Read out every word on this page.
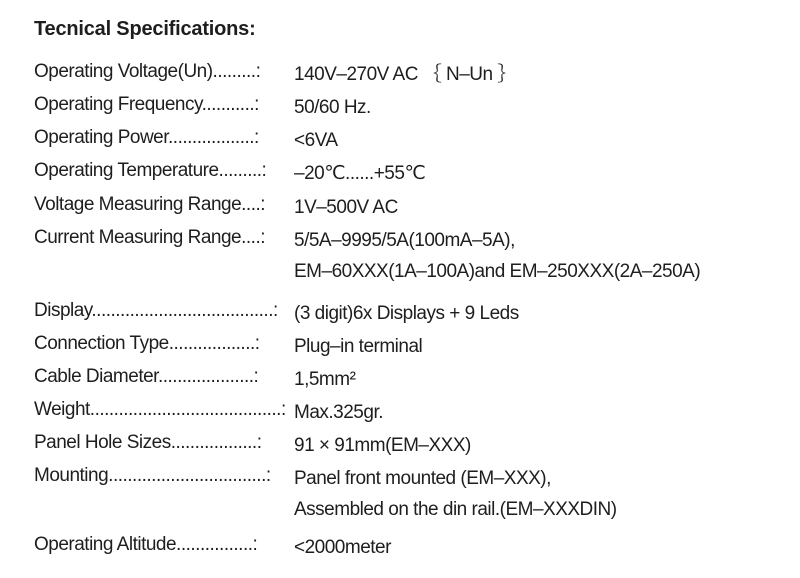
Tecnical Specifications:
Operating Voltage(Un).........: 140V–270V AC ｛ N–Un ｝
Operating Frequency...........: 50/60 Hz.
Operating Power..................: <6VA
Operating Temperature.........: –20℃......+55℃
Voltage Measuring Range....: 1V–500V AC
Current Measuring Range....: 5/5A–9995/5A(100mA–5A),
EM–60XXX(1A–100A)and EM–250XXX(2A–250A)
Display......................................: (3 digit)6x Displays + 9 Leds
Connection Type..................: Plug–in terminal
Cable Diameter....................: 1,5mm²
Weight........................................: Max.325gr.
Panel Hole Sizes..................: 91 × 91mm(EM–XXX)
Mounting.................................: Panel front mounted (EM–XXX),
Assembled on the din rail.(EM–XXXDIN)
Operating Altitude................: <2000meter
